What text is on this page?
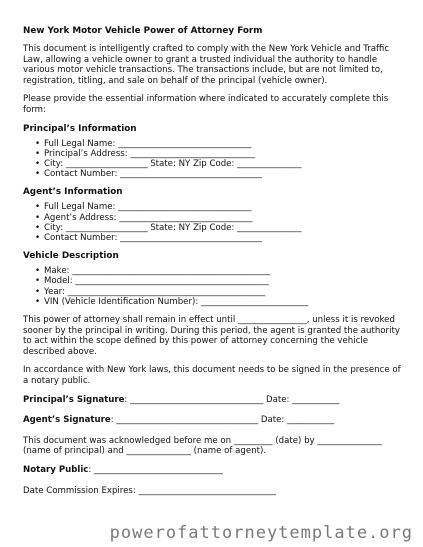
New York Motor Vehicle Power of Attorney Form

This document is intelligently crafted to comply with the New York Vehicle and Traffic Law, allowing a vehicle owner to grant a trusted individual the authority to handle various motor vehicle transactions. The transactions include, but are not limited to, registration, titling, and sale on behalf of the principal (vehicle owner).

Please provide the essential information where indicated to accurately complete this form:

Principal’s Information
• Full Legal Name: _______________________________
• Principal’s Address: _____________________________
• City: ___________________ State: NY Zip Code: _______________
• Contact Number: _________________________________
Agent’s Information
• Full Legal Name: _______________________________
• Agent’s Address: _______________________________
• City: ___________________ State: NY Zip Code: _______________
• Contact Number: _________________________________
Vehicle Description
• Make: ______________________________________________
• Model: _____________________________________________
• Year: ______________________________________________
• VIN (Vehicle Identification Number): _________________________

This power of attorney shall remain in effect until ________________, unless it is revoked sooner by the principal in writing. During this period, the agent is granted the authority to act within the scope defined by this power of attorney concerning the vehicle described above.

In accordance with New York laws, this document needs to be signed in the presence of a notary public.

Principal’s Signature: _______________________________ Date: ___________
Agent’s Signature: _________________________________ Date: ___________

This document was acknowledged before me on _________ (date) by _______________ (name of principal) and _______________ (name of agent).

Notary Public: ______________________________
Date Commission Expires: ________________________________
powerofattorneytemplate.org
